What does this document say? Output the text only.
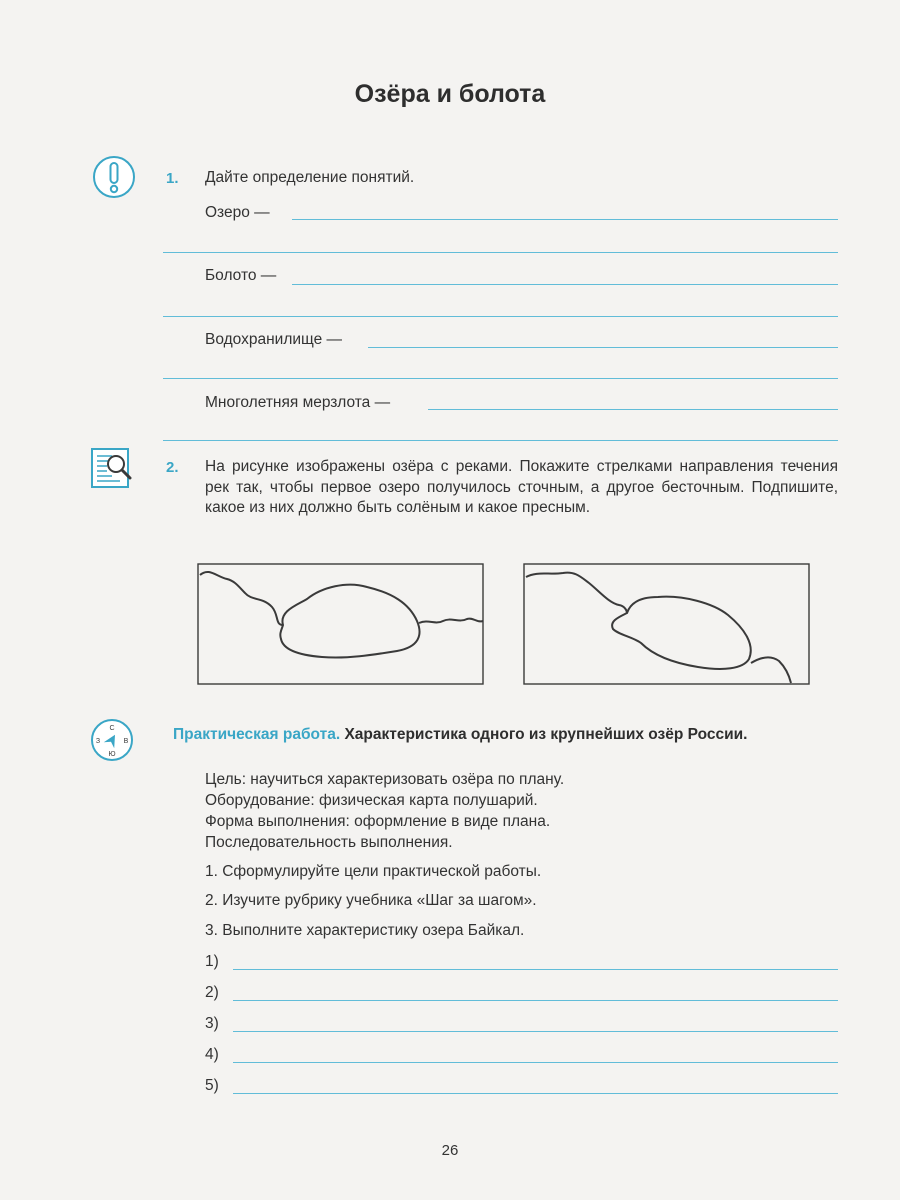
Озёра и болота
1. Дайте определение понятий.
Озеро —
Болото —
Водохранилище —
Многолетняя мерзлота —
2. На рисунке изображены озёра с реками. Покажите стрелками направления течения рек так, чтобы первое озеро получилось сточным, а другое бесточным. Подпишите, какое из них должно быть солёным и какое пресным.
С
Ю
З	В	Практическая работа. Характеристика одного из крупнейших озёр России.
Цель: научиться характеризовать озёра по плану.
Оборудование: физическая карта полушарий.
Форма выполнения: оформление в виде плана.
Последовательность выполнения.
1. Сформулируйте цели практической работы.
2. Изучите рубрику учебника «Шаг за шагом».
3. Выполните характеристику озера Байкал.
1)
2)
3)
4)
5)
26
